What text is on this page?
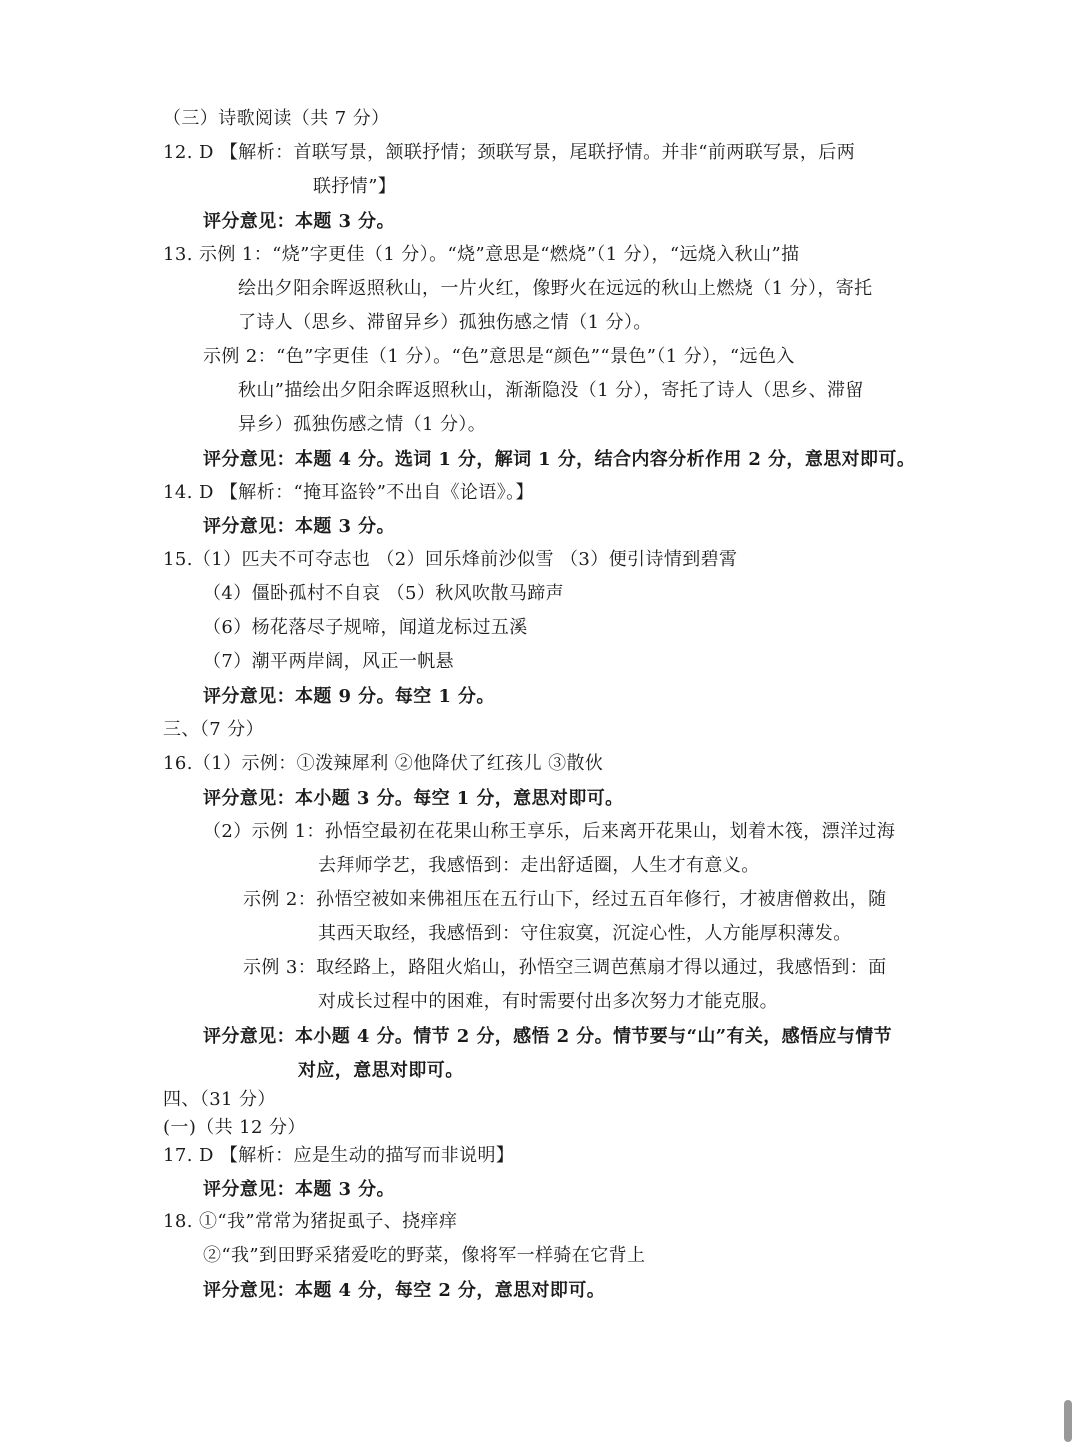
（三）诗歌阅读（共 7 分）
12. D 【解析：首联写景，颔联抒情；颈联写景，尾联抒情。并非“前两联写景，后两
联抒情”】
评分意见：本题 3 分。
13. 示例 1：“烧”字更佳（1 分）。“烧”意思是“燃烧”（1 分），“远烧入秋山”描
绘出夕阳余晖返照秋山，一片火红，像野火在远远的秋山上燃烧（1 分），寄托
了诗人（思乡、滞留异乡）孤独伤感之情（1 分）。
示例 2：“色”字更佳（1 分）。“色”意思是“颜色”“景色”（1 分），“远色入
秋山”描绘出夕阳余晖返照秋山，渐渐隐没（1 分），寄托了诗人（思乡、滞留
异乡）孤独伤感之情（1 分）。
评分意见：本题 4 分。选词 1 分，解词 1 分，结合内容分析作用 2 分，意思对即可。
14. D 【解析：“掩耳盗铃”不出自《论语》。】
评分意见：本题 3 分。
15.（1）匹夫不可夺志也 （2）回乐烽前沙似雪 （3）便引诗情到碧霄
（4）僵卧孤村不自哀 （5）秋风吹散马蹄声
（6）杨花落尽子规啼，闻道龙标过五溪
（7）潮平两岸阔，风正一帆悬
评分意见：本题 9 分。每空 1 分。
三、（7 分）
16.（1）示例：①泼辣犀利 ②他降伏了红孩儿 ③散伙
评分意见：本小题 3 分。每空 1 分，意思对即可。
（2）示例 1：孙悟空最初在花果山称王享乐，后来离开花果山，划着木筏，漂洋过海
去拜师学艺，我感悟到：走出舒适圈，人生才有意义。
示例 2：孙悟空被如来佛祖压在五行山下，经过五百年修行，才被唐僧救出，随
其西天取经，我感悟到：守住寂寞，沉淀心性，人方能厚积薄发。
示例 3：取经路上，路阻火焰山，孙悟空三调芭蕉扇才得以通过，我感悟到：面
对成长过程中的困难，有时需要付出多次努力才能克服。
评分意见：本小题 4 分。情节 2 分，感悟 2 分。情节要与“山”有关，感悟应与情节
对应，意思对即可。
四、（31 分）
(一)（共 12 分）
17. D 【解析：应是生动的描写而非说明】
评分意见：本题 3 分。
18. ①“我”常常为猪捉虱子、挠痒痒
②“我”到田野采猪爱吃的野菜，像将军一样骑在它背上
评分意见：本题 4 分，每空 2 分，意思对即可。
